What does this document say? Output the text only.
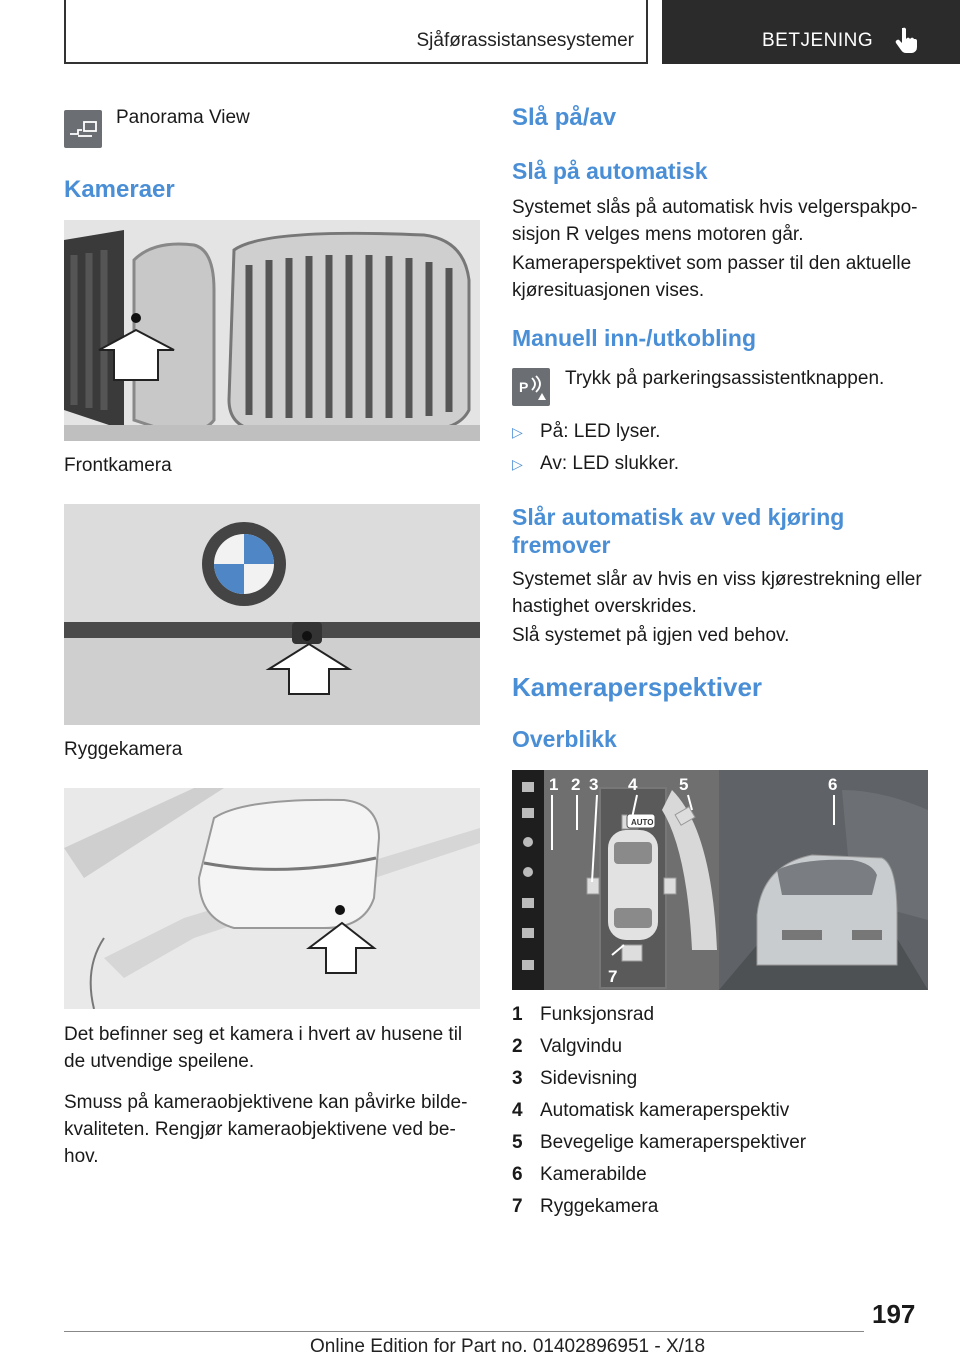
Sjåførassistansesystemer	BETJENING
Panorama View
Kameraer
Frontkamera
Ryggekamera
Det befinner seg et kamera i hvert av husene til de utvendige speilene.
Smuss på kameraobjektivene kan påvirke bilde-kvaliteten. Rengjør kameraobjektivene ved be-hov.
Slå på/av
Slå på automatisk
Systemet slås på automatisk hvis velgerspakpo-sisjon R velges mens motoren går.
Kameraperspektivet som passer til den aktuelle kjøresituasjonen vises.
Manuell inn-/utkobling
P Trykk på parkeringsassistentknappen.
▷ På: LED lyser.
▷ Av: LED slukker.
Slår automatisk av ved kjøring fremover
Systemet slår av hvis en viss kjørestrekning eller hastighet overskrides.
Slå systemet på igjen ved behov.
Kameraperspektiver
Overblikk
AUTO
1 2 3 4 5	6
7
1 Funksjonsrad
2 Valgvindu
3 Sidevisning
4 Automatisk kameraperspektiv
5 Bevegelige kameraperspektiver
6 Kamerabilde
7 Ryggekamera
197
Online Edition for Part no. 01402896951 - X/18
